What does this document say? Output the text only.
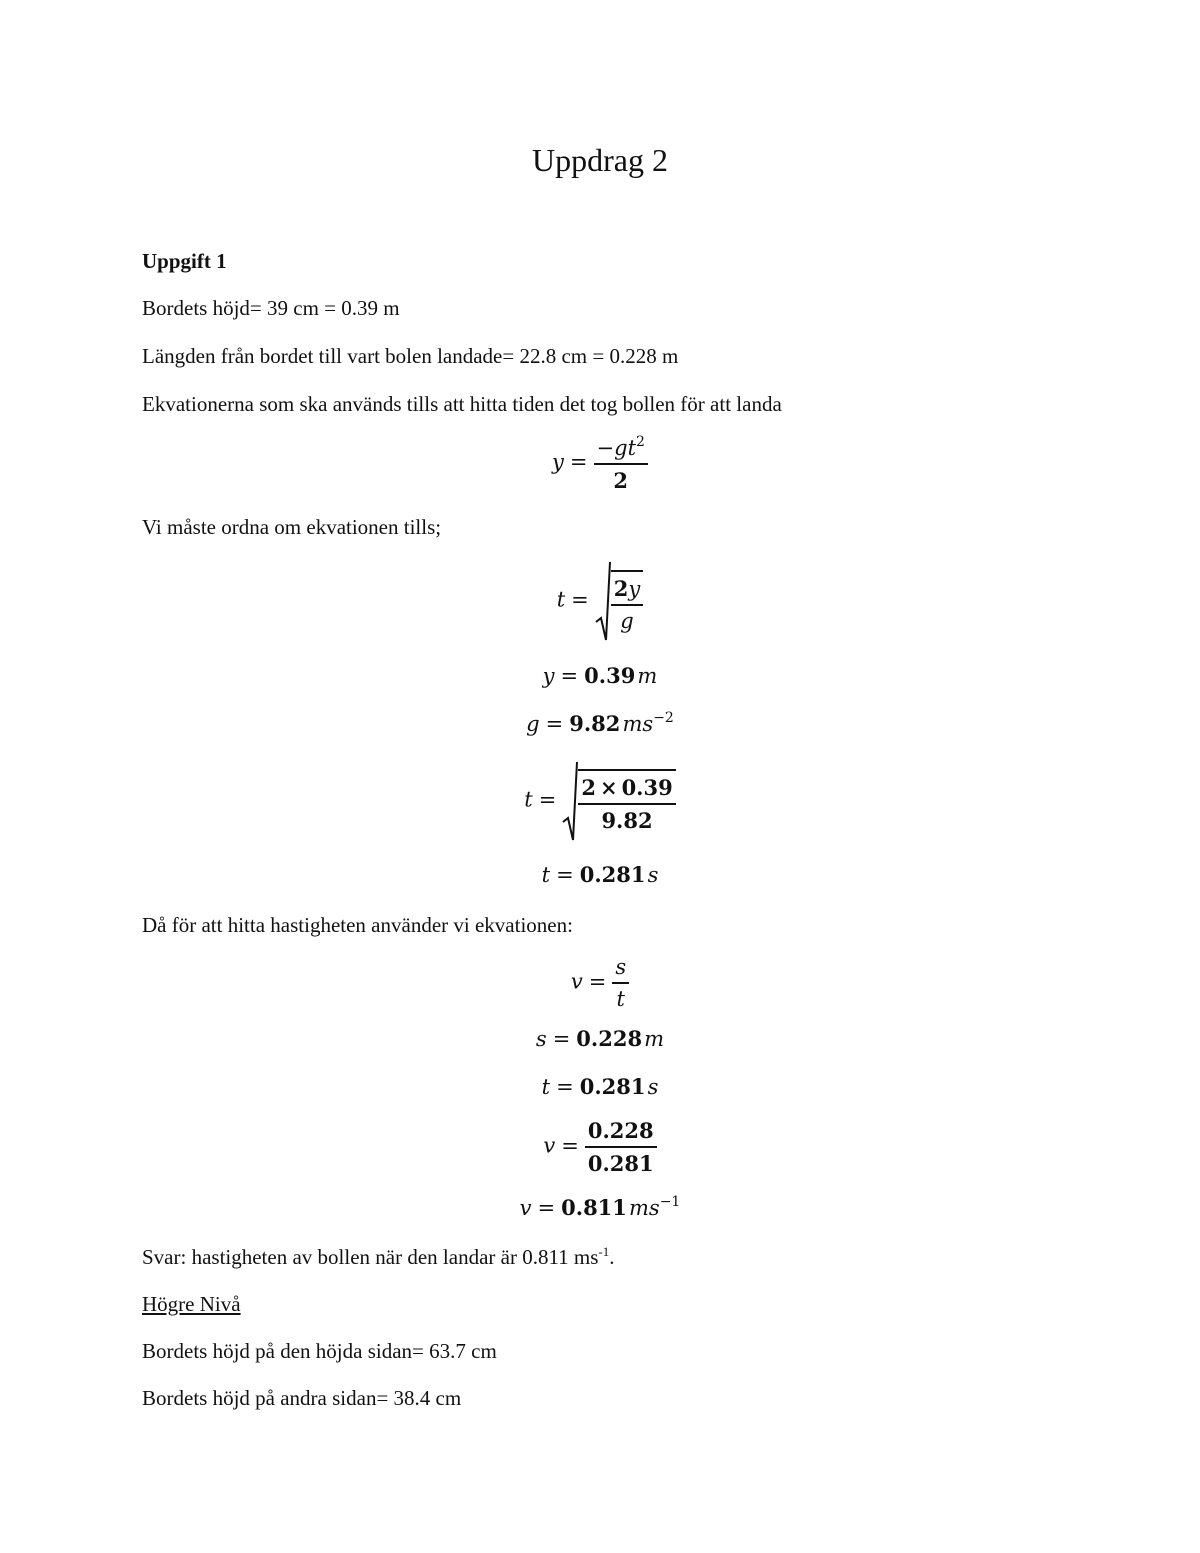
Uppdrag 2
Uppgift 1
Bordets höjd= 39 cm = 0.39 m
Längden från bordet till vart bolen landade= 22.8 cm = 0.228 m
Ekvationerna som ska används tills att hitta tiden det tog bollen för att landa
$y = \frac{-gt^2}{2}$
Vi måste ordna om ekvationen tills;
$t = \frac{2y}{g}$
y = 0.39 m
g = 9.82 $ms^{-2}$
$t = \frac{2 \times 0.39}{9.82}$
t = 0.281 s
Då för att hitta hastigheten använder vi ekvationen:
$v = \frac{s}{t}$
s = 0.228 m
t = 0.281 s
$v = \frac{0.228}{0.281}$
v = 0.811 $ms^{-1}$
Svar: hastigheten av bollen när den landar är 0.811 $ms^{-1}$.
Högre Nivå
Bordets höjd på den höjda sidan= 63.7 cm
Bordets höjd på andra sidan= 38.4 cm
